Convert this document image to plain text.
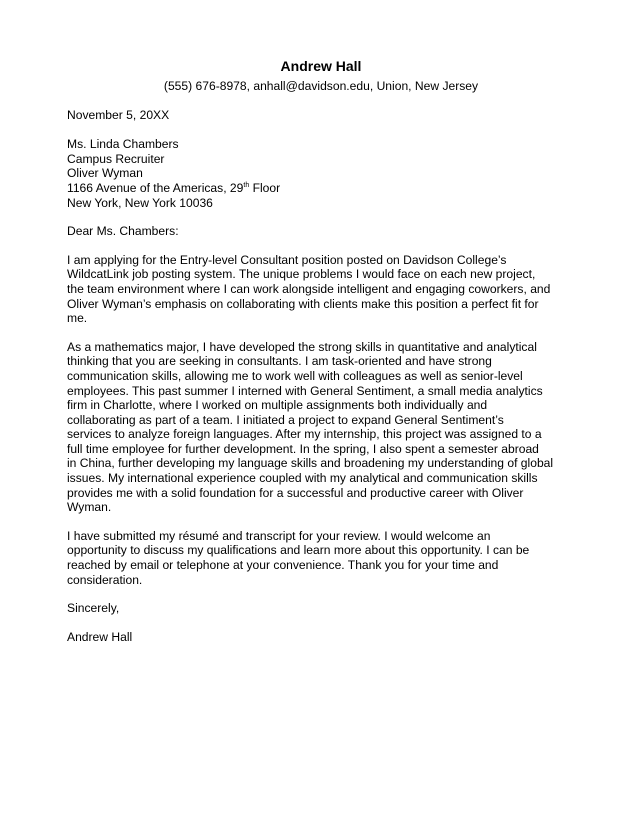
Andrew Hall

(555) 676-8978, anhall@davidson.edu, Union, New Jersey

November 5, 20XX

Ms. Linda Chambers
Campus Recruiter
Oliver Wyman
1166 Avenue of the Americas, 29th Floor
New York, New York 10036

Dear Ms. Chambers:

I am applying for the Entry-level Consultant position posted on Davidson College’s
WildcatLink job posting system. The unique problems I would face on each new project,
the team environment where I can work alongside intelligent and engaging coworkers, and
Oliver Wyman’s emphasis on collaborating with clients make this position a perfect fit for
me.
As a mathematics major, I have developed the strong skills in quantitative and analytical
thinking that you are seeking in consultants. I am task-oriented and have strong
communication skills, allowing me to work well with colleagues as well as senior-level
employees. This past summer I interned with General Sentiment, a small media analytics
firm in Charlotte, where I worked on multiple assignments both individually and
collaborating as part of a team. I initiated a project to expand General Sentiment’s
services to analyze foreign languages. After my internship, this project was assigned to a
full time employee for further development. In the spring, I also spent a semester abroad
in China, further developing my language skills and broadening my understanding of global
issues. My international experience coupled with my analytical and communication skills
provides me with a solid foundation for a successful and productive career with Oliver
Wyman.
I have submitted my résumé and transcript for your review. I would welcome an
opportunity to discuss my qualifications and learn more about this opportunity. I can be
reached by email or telephone at your convenience. Thank you for your time and
consideration.

Sincerely,

Andrew Hall
